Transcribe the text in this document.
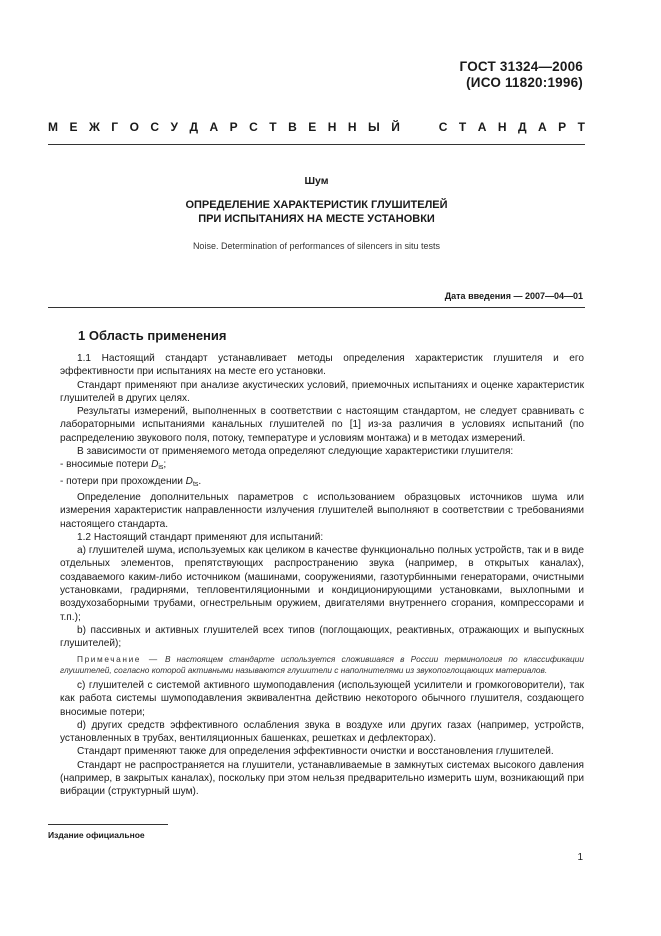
ГОСТ 31324—2006
(ИСО 11820:1996)
М Е Ж Г О С У Д А Р С Т В Е Н Н Ы Й	С Т А Н Д А Р Т
Шум
ОПРЕДЕЛЕНИЕ ХАРАКТЕРИСТИК ГЛУШИТЕЛЕЙ
ПРИ ИСПЫТАНИЯХ НА МЕСТЕ УСТАНОВКИ
Noise. Determination of performances of silencers in situ tests
Дата введения — 2007—04—01
1 Область применения

1.1 Настоящий стандарт устанавливает методы определения характеристик глушителя и его эффективности при испытаниях на месте его установки.

Стандарт применяют при анализе акустических условий, приемочных испытаниях и оценке характеристик глушителей в других целях.

Результаты измерений, выполненных в соответствии с настоящим стандартом, не следует сравнивать с лабораторными испытаниями канальных глушителей по [1] из-за различия в условиях испытаний (по распределению звукового поля, потоку, температуре и условиям монтажа) и в методах измерений.

В зависимости от применяемого метода определяют следующие характеристики глушителя:

- вносимые потери $D_{is}$;

- потери при прохождении $D_{ts}$.

Определение дополнительных параметров с использованием образцовых источников шума или измерения характеристик направленности излучения глушителей выполняют в соответствии с требованиями настоящего стандарта.

1.2 Настоящий стандарт применяют для испытаний:

а) глушителей шума, используемых как целиком в качестве функционально полных устройств, так и в виде отдельных элементов, препятствующих распространению звука (например, в открытых каналах), создаваемого каким-либо источником (машинами, сооружениями, газотурбинными генераторами, очистными установками, градирнями, тепловентиляционными и кондиционирующими установками, выхлопными и воздухозаборными трубами, огнестрельным оружием, двигателями внутреннего сгорания, компрессорами и т.п.);

b) пассивных и активных глушителей всех типов (поглощающих, реактивных, отражающих и выпускных глушителей);

Примечание — В настоящем стандарте используется сложившаяся в России терминология по классификации глушителей, согласно которой активными называются глушители с наполнителями из звукопоглощающих материалов.

с) глушителей с системой активного шумоподавления (использующей усилители и громкоговорители), так как работа системы шумоподавления эквивалентна действию некоторого обычного глушителя, создающего вносимые потери;

d) других средств эффективного ослабления звука в воздухе или других газах (например, устройств, установленных в трубах, вентиляционных башенках, решетках и дефлекторах).

Стандарт применяют также для определения эффективности очистки и восстановления глушителей.

Стандарт не распространяется на глушители, устанавливаемые в замкнутых системах высокого давления (например, в закрытых каналах), поскольку при этом нельзя предварительно измерить шум, возникающий при вибрации (структурный шум).

Издание официальное
1
